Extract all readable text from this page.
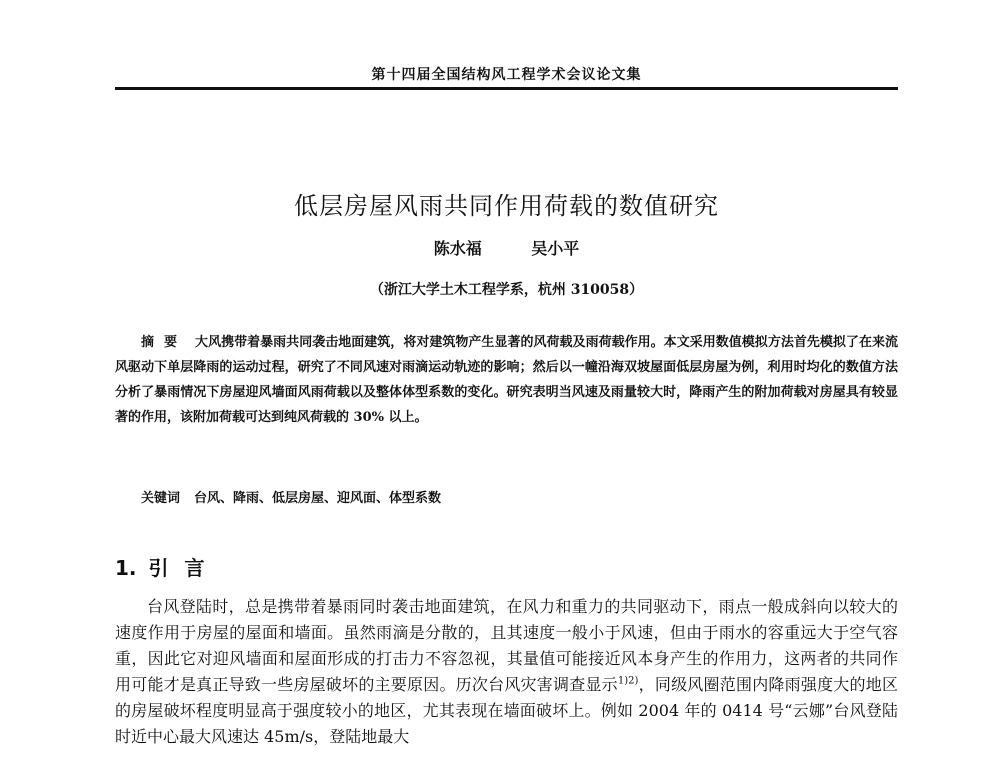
第十四届全国结构风工程学术会议论文集
低层房屋风雨共同作用荷载的数值研究
陈水福	吴小平
（浙江大学土木工程学系，杭州 310058）
摘要 大风携带着暴雨共同袭击地面建筑，将对建筑物产生显著的风荷载及雨荷载作用。本文采用数值模拟方法首先模拟了在来流风驱动下单层降雨的运动过程，研究了不同风速对雨滴运动轨迹的影响；然后以一幢沿海双坡屋面低层房屋为例，利用时均化的数值方法分析了暴雨情况下房屋迎风墙面风雨荷载以及整体体型系数的变化。研究表明当风速及雨量较大时，降雨产生的附加荷载对房屋具有较显著的作用，该附加荷载可达到纯风荷载的 30% 以上。
关键词 台风、降雨、低层房屋、迎风面、体型系数
1. 引言
台风登陆时，总是携带着暴雨同时袭击地面建筑，在风力和重力的共同驱动下，雨点一般成斜向以较大的速度作用于房屋的屋面和墙面。虽然雨滴是分散的，且其速度一般小于风速，但由于雨水的容重远大于空气容重，因此它对迎风墙面和屋面形成的打击力不容忽视，其量值可能接近风本身产生的作用力，这两者的共同作用可能才是真正导致一些房屋破坏的主要原因。历次台风灾害调查显示$^{1)2)}$，同级风圈范围内降雨强度大的地区的房屋破坏程度明显高于强度较小的地区，尤其表现在墙面破坏上。例如 2004 年的 0414 号“云娜”台风登陆时近中心最大风速达 45m/s，登陆地最大
